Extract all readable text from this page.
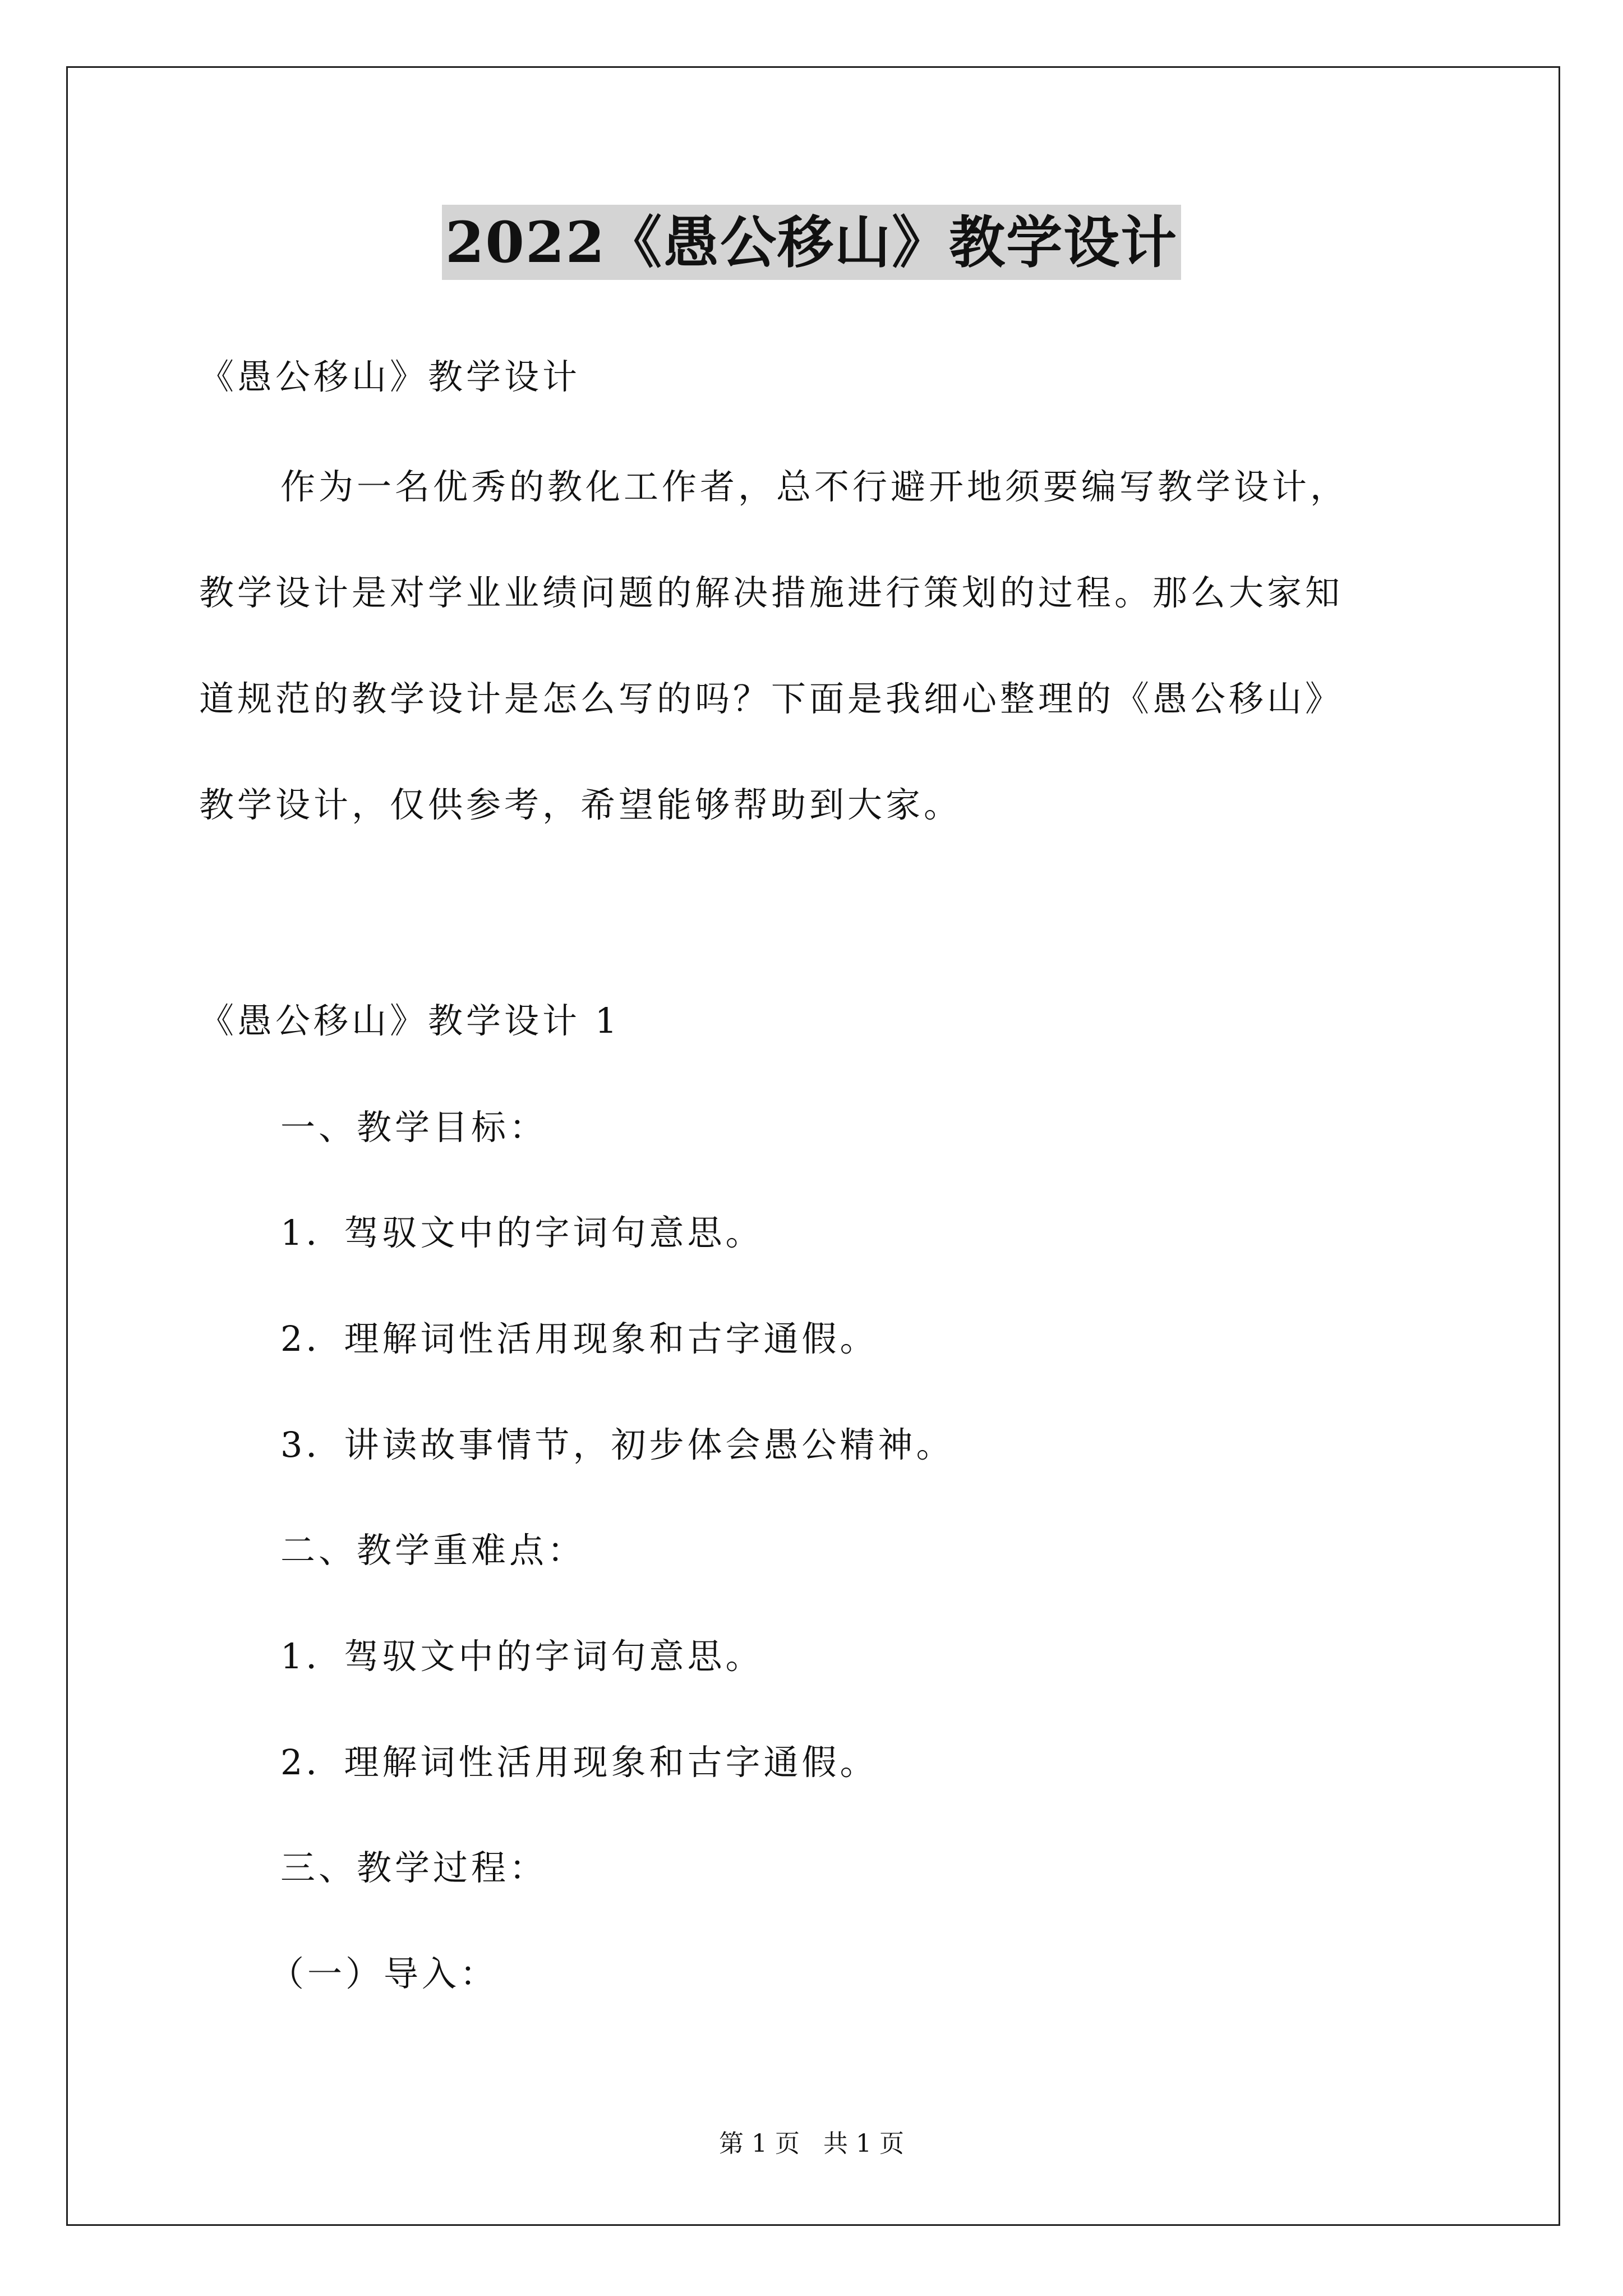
2022《愚公移山》教学设计
《愚公移山》教学设计
作为一名优秀的教化工作者，总不行避开地须要编写教学设计，
教学设计是对学业业绩问题的解决措施进行策划的过程。那么大家知
道规范的教学设计是怎么写的吗？下面是我细心整理的《愚公移山》
教学设计，仅供参考，希望能够帮助到大家。
《愚公移山》教学设计 1
一、教学目标：
1．驾驭文中的字词句意思。
2．理解词性活用现象和古字通假。
3．讲读故事情节，初步体会愚公精神。
二、教学重难点：
1．驾驭文中的字词句意思。
2．理解词性活用现象和古字通假。
三、教学过程：
（一）导入：
第 1 页   共 1 页
